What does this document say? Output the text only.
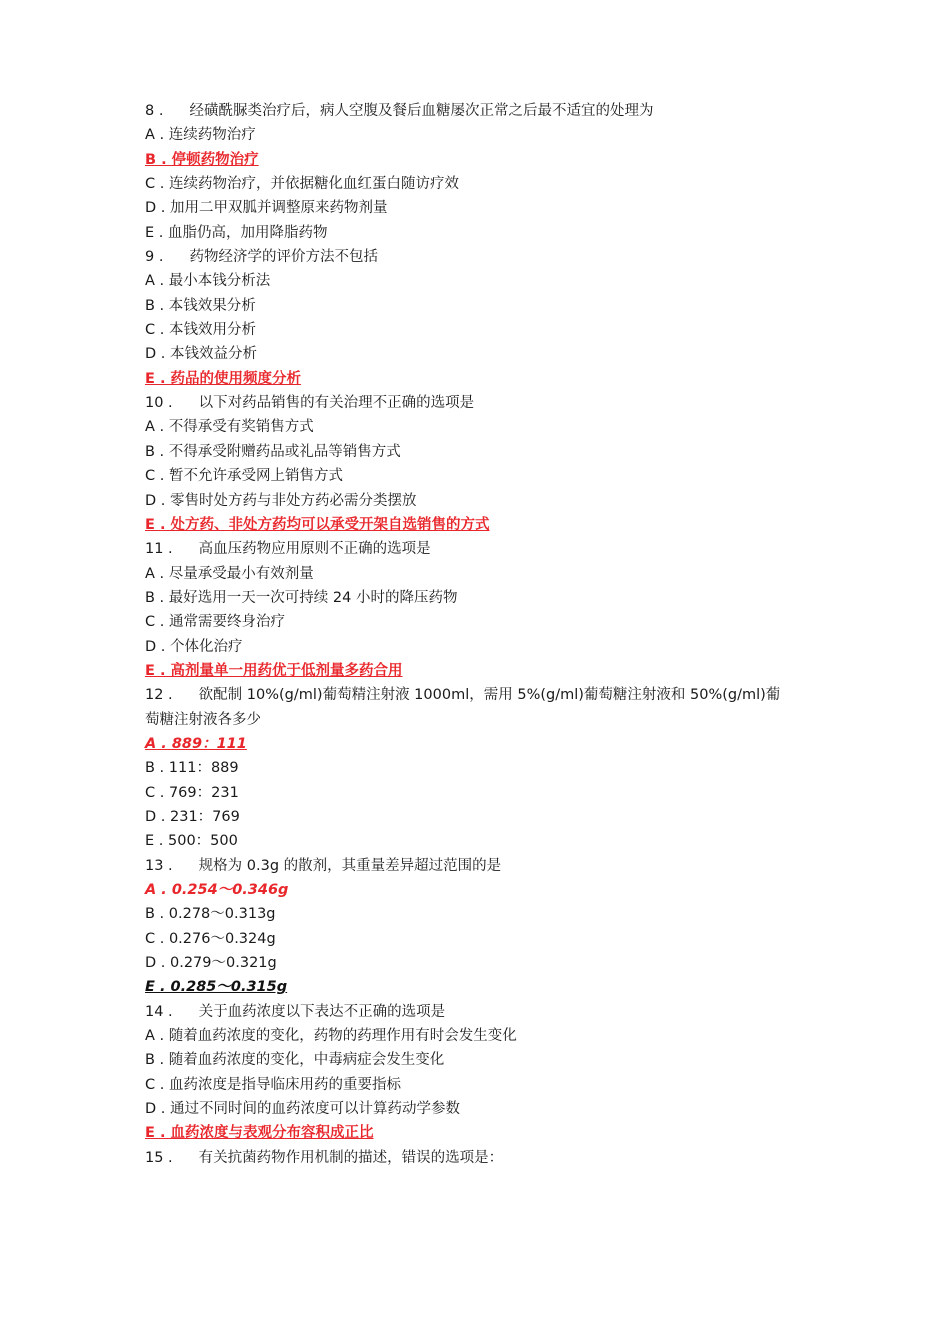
8 . 经磺酰脲类治疗后，病人空腹及餐后血糖屡次正常之后最不适宜的处理为
A . 连续药物治疗
B . 停顿药物治疗
C . 连续药物治疗，并依据糖化血红蛋白随访疗效
D . 加用二甲双胍并调整原来药物剂量
E . 血脂仍高，加用降脂药物
9 . 药物经济学的评价方法不包括
A . 最小本钱分析法
B . 本钱效果分析
C . 本钱效用分析
D . 本钱效益分析
E . 药品的使用频度分析
10 . 以下对药品销售的有关治理不正确的选项是
A . 不得承受有奖销售方式
B . 不得承受附赠药品或礼品等销售方式
C . 暂不允许承受网上销售方式
D . 零售时处方药与非处方药必需分类摆放
E . 处方药、非处方药均可以承受开架自选销售的方式
11 . 高血压药物应用原则不正确的选项是
A . 尽量承受最小有效剂量
B . 最好选用一天一次可持续 24 小时的降压药物
C . 通常需要终身治疗
D . 个体化治疗
E . 高剂量单一用药优于低剂量多药合用
12 . 欲配制 10%(g/ml)葡萄精注射液 1000ml，需用 5%(g/ml)葡萄糖注射液和 50%(g/ml)葡
萄糖注射液各多少
A . 889：111
B . 111：889
C . 769：231
D . 231：769
E . 500：500
13 . 规格为 0.3g 的散剂，其重量差异超过范围的是
A . 0.254～0.346g
B . 0.278～0.313g
C . 0.276～0.324g
D . 0.279～0.321g
E . 0.285～0.315g
14 . 关于血药浓度以下表达不正确的选项是
A . 随着血药浓度的变化，药物的药理作用有时会发生变化
B . 随着血药浓度的变化，中毒病症会发生变化
C . 血药浓度是指导临床用药的重要指标
D . 通过不同时间的血药浓度可以计算药动学参数
E . 血药浓度与表观分布容积成正比
15 . 有关抗菌药物作用机制的描述，错误的选项是：
